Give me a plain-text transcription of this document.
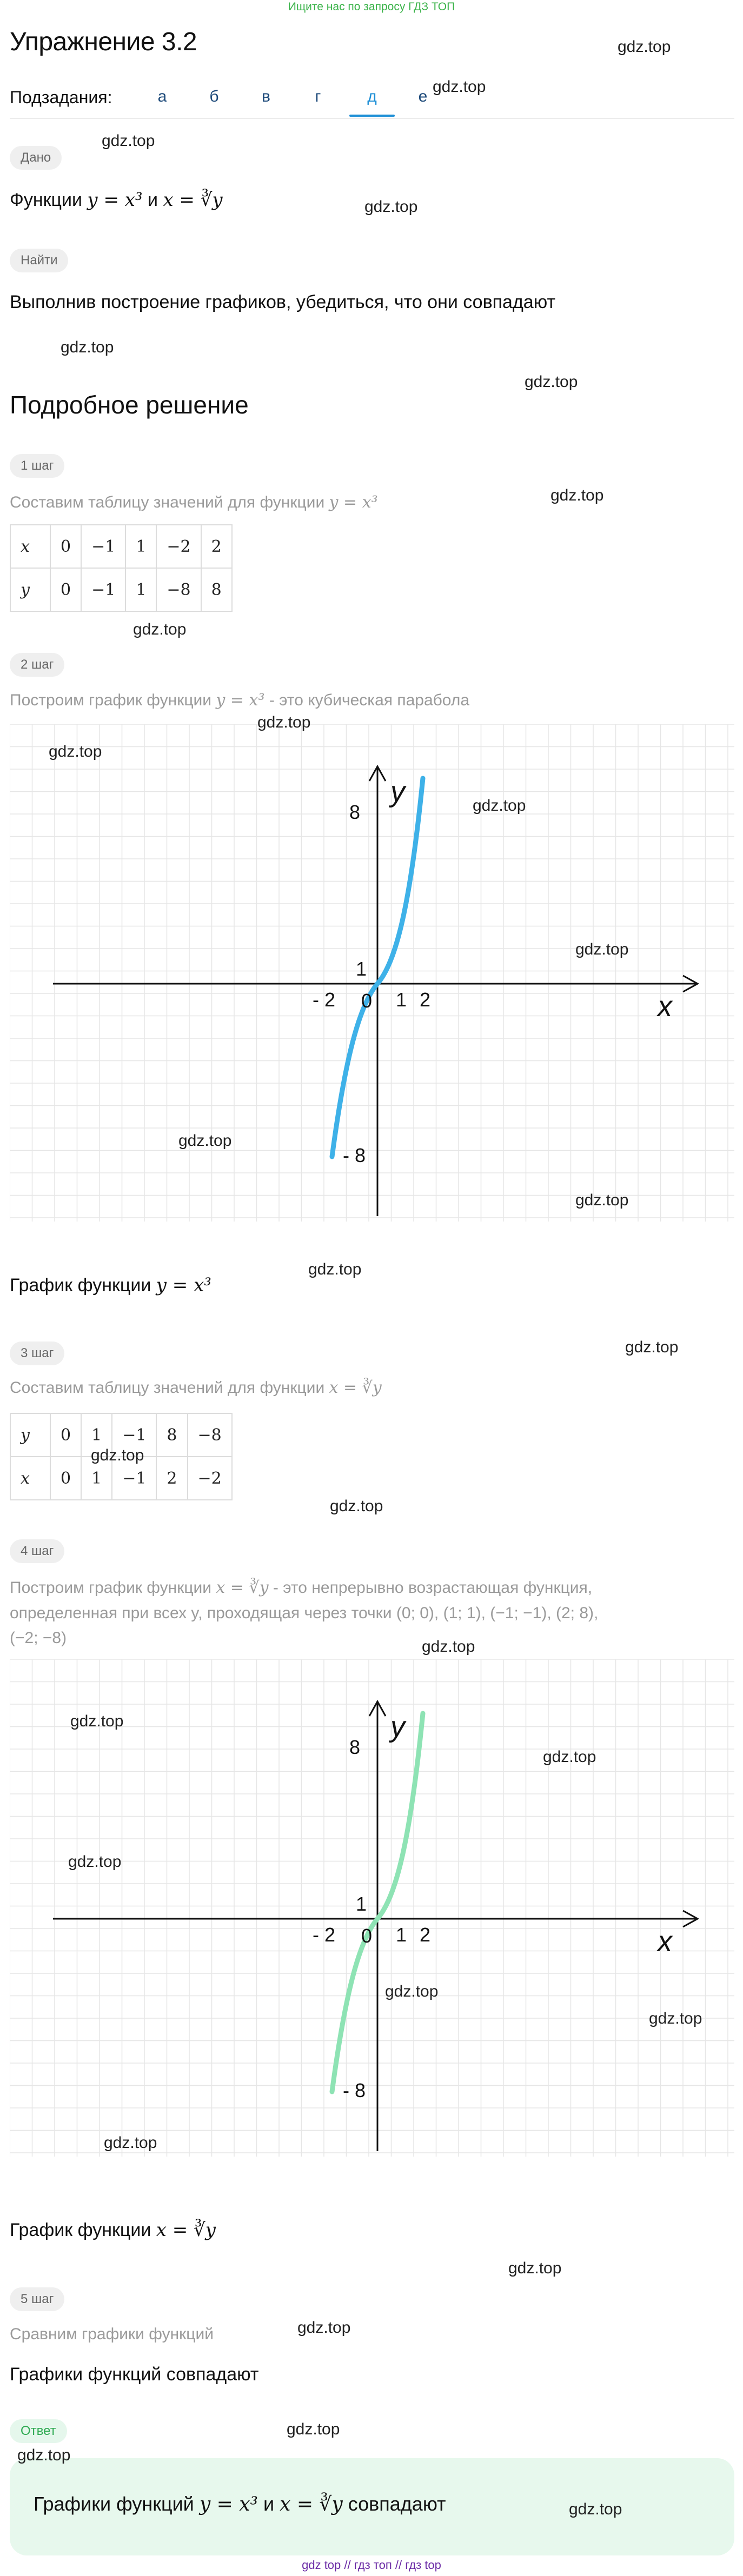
Ищите нас по запросу ГДЗ ТОП
Упражнение 3.2
Подзадания:	а	б	в	г	д	е
Дано
Функции y = x³ и x = ∛y
Найти
Выполнив построение графиков, убедиться, что они совпадают
Подробное решение
1 шаг
Составим таблицу значений для функции y = x³
x	0	−1	1	−2	2
y	0	−1	1	−8	8
2 шаг
Построим график функции y = x³ - это кубическая парабола
y
x
8
1
- 8
- 2 0 1 2
График функции y = x³
3 шаг
Составим таблицу значений для функции x = ∛y
y	0	1	−1	8	−8
x	0	1	−1	2	−2
4 шаг
Построим график функции x = ∛y - это непрерывно возрастающая функция,
определенная при всех y, проходящая через точки (0; 0), (1; 1), (−1; −1), (2; 8),
(−2; −8)
y
x
8
1
- 8
- 2 0 1 2
График функции x = ∛y
5 шаг
Сравним графики функций
Графики функций совпадают
Ответ
Графики функций y = x³ и x = ∛y совпадают
gdz.top
gdz.top
gdz.top
gdz.top
gdz.top
gdz.top
gdz.top
gdz.top
gdz.top
gdz.top
gdz.top
gdz.top
gdz.top
gdz.top
gdz.top
gdz.top
gdz.top
gdz.top
gdz.top
gdz.top
gdz.top
gdz.top
gdz.top
gdz.top
gdz.top
gdz.top
gdz.top
gdz.top
gdz.top
gdz.top
gdz top // гдз топ // гдз top
